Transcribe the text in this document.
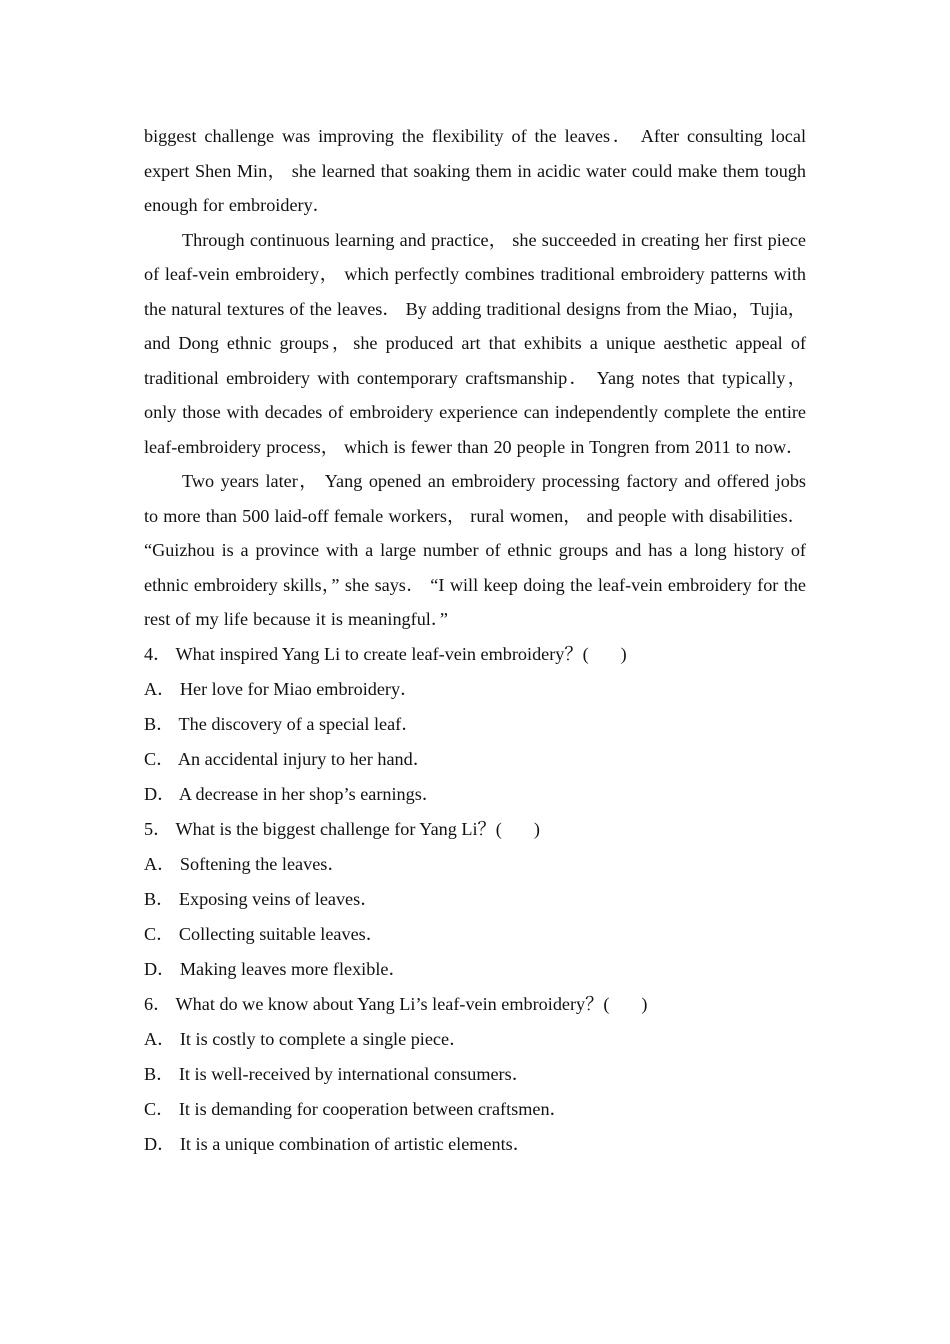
biggest challenge was improving the flexibility of the leaves． After consulting local expert Shen Min， she learned that soaking them in acidic water could make them tough enough for embroidery．

Through continuous learning and practice， she succeeded in creating her first piece of leaf-vein embroidery， which perfectly combines traditional embroidery patterns with the natural textures of the leaves． By adding traditional designs from the Miao，Tujia，and Dong ethnic groups，she produced art that exhibits a unique aesthetic appeal of traditional embroidery with contemporary craftsmanship． Yang notes that typically， only those with decades of embroidery experience can independently complete the entire leaf-embroidery process， which is fewer than 20 people in Tongren from 2011 to now．

Two years later， Yang opened an embroidery processing factory and offered jobs to more than 500 laid-off female workers， rural women， and people with disabilities． “Guizhou is a province with a large number of ethnic groups and has a long history of ethnic embroidery skills，” she says． “I will keep doing the leaf-vein embroidery for the rest of my life because it is meaningful．”

4． What inspired Yang Li to create leaf-vein embroidery？( )

A． Her love for Miao embroidery．

B． The discovery of a special leaf．

C． An accidental injury to her hand．

D． A decrease in her shop’s earnings．

5． What is the biggest challenge for Yang Li？( )

A． Softening the leaves．

B． Exposing veins of leaves．

C． Collecting suitable leaves．

D． Making leaves more flexible．

6． What do we know about Yang Li’s leaf-vein embroidery？( )

A． It is costly to complete a single piece．

B． It is well-received by international consumers．

C． It is demanding for cooperation between craftsmen．

D． It is a unique combination of artistic elements．
